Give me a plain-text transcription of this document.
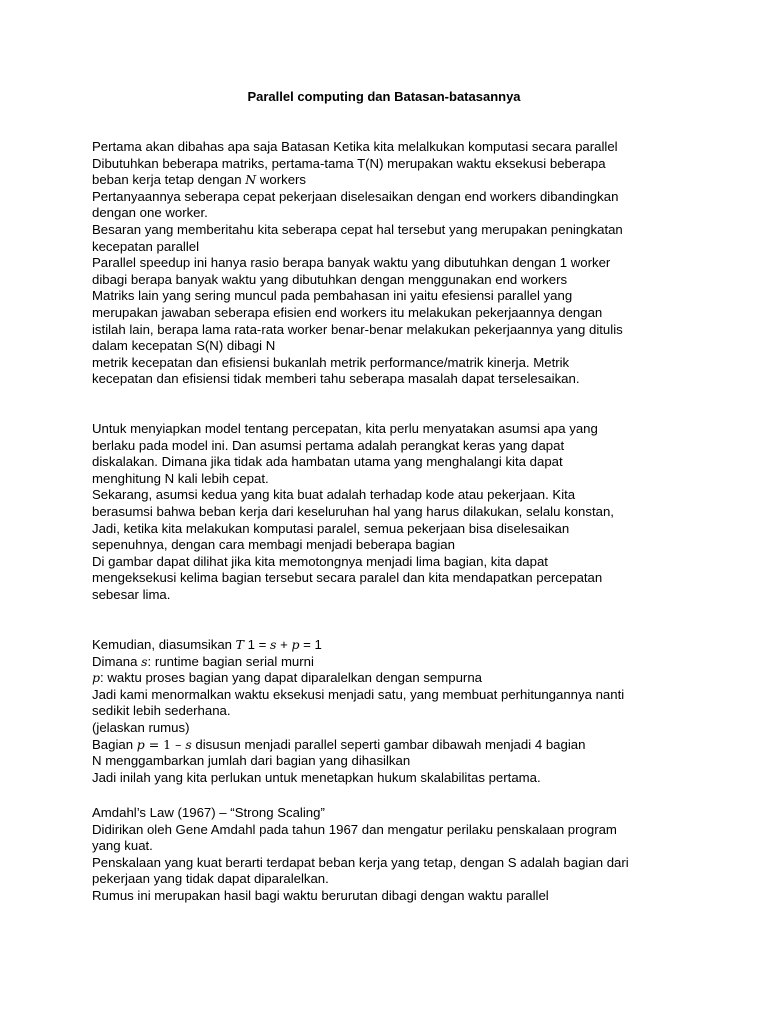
Parallel computing dan Batasan-batasannya
Pertama akan dibahas apa saja Batasan Ketika kita melalkukan komputasi secara parallel
Dibutuhkan beberapa matriks, pertama-tama T(N) merupakan waktu eksekusi beberapa
beban kerja tetap dengan N workers
Pertanyaannya seberapa cepat pekerjaan diselesaikan dengan end workers dibandingkan
dengan one worker.
Besaran yang memberitahu kita seberapa cepat hal tersebut yang merupakan peningkatan
kecepatan parallel
Parallel speedup ini hanya rasio berapa banyak waktu yang dibutuhkan dengan 1 worker
dibagi berapa banyak waktu yang dibutuhkan dengan menggunakan end workers
Matriks lain yang sering muncul pada pembahasan ini yaitu efesiensi parallel yang
merupakan jawaban seberapa efisien end workers itu melakukan pekerjaannya dengan
istilah lain, berapa lama rata-rata worker benar-benar melakukan pekerjaannya yang ditulis
dalam kecepatan S(N) dibagi N
metrik kecepatan dan efisiensi bukanlah metrik performance/matrik kinerja. Metrik
kecepatan dan efisiensi tidak memberi tahu seberapa masalah dapat terselesaikan.
Untuk menyiapkan model tentang percepatan, kita perlu menyatakan asumsi apa yang
berlaku pada model ini. Dan asumsi pertama adalah perangkat keras yang dapat
diskalakan. Dimana jika tidak ada hambatan utama yang menghalangi kita dapat
menghitung N kali lebih cepat.
Sekarang, asumsi kedua yang kita buat adalah terhadap kode atau pekerjaan. Kita
berasumsi bahwa beban kerja dari keseluruhan hal yang harus dilakukan, selalu konstan,
Jadi, ketika kita melakukan komputasi paralel, semua pekerjaan bisa diselesaikan
sepenuhnya, dengan cara membagi menjadi beberapa bagian
Di gambar dapat dilihat jika kita memotongnya menjadi lima bagian, kita dapat
mengeksekusi kelima bagian tersebut secara paralel dan kita mendapatkan percepatan
sebesar lima.
Kemudian, diasumsikan T 1 = s + p = 1
Dimana s: runtime bagian serial murni
p: waktu proses bagian yang dapat diparalelkan dengan sempurna
Jadi kami menormalkan waktu eksekusi menjadi satu, yang membuat perhitungannya nanti
sedikit lebih sederhana.
(jelaskan rumus)
Bagian p = 1 – s disusun menjadi parallel seperti gambar dibawah menjadi 4 bagian
N menggambarkan jumlah dari bagian yang dihasilkan
Jadi inilah yang kita perlukan untuk menetapkan hukum skalabilitas pertama.
Amdahl’s Law (1967) – “Strong Scaling”
Didirikan oleh Gene Amdahl pada tahun 1967 dan mengatur perilaku penskalaan program
yang kuat.
Penskalaan yang kuat berarti terdapat beban kerja yang tetap, dengan S adalah bagian dari
pekerjaan yang tidak dapat diparalelkan.
Rumus ini merupakan hasil bagi waktu berurutan dibagi dengan waktu parallel
